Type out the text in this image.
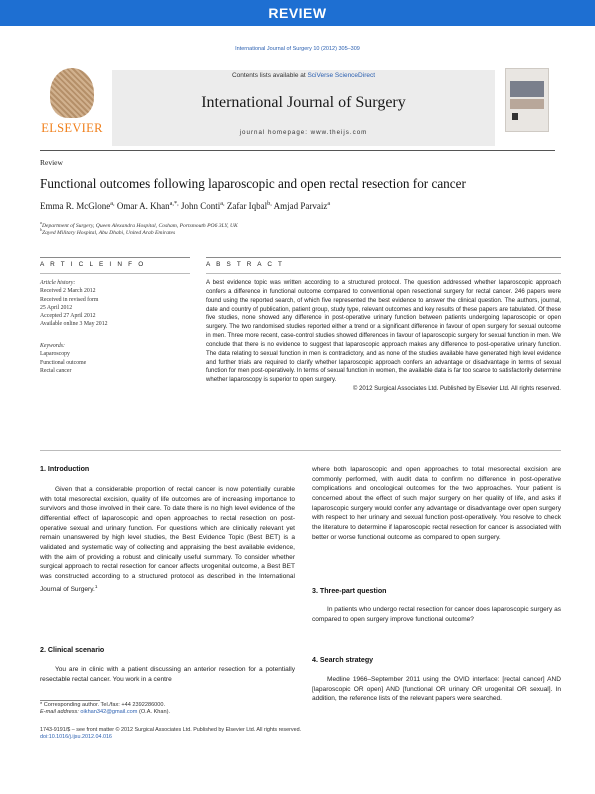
REVIEW
International Journal of Surgery 10 (2012) 305–309
ELSEVIER
Contents lists available at SciVerse ScienceDirect
International Journal of Surgery
journal homepage: www.theijs.com
Review
Functional outcomes following laparoscopic and open rectal resection for cancer
Emma R. McGlone$^{a,}$ Omar A. Khan$^{a,*,}$ John Conti$^{a,}$ Zafar Iqbal$^{b,}$ Amjad Parvaiz$^a$
$^a$Department of Surgery, Queen Alexandra Hospital, Cosham, Portsmouth PO6 3LY, UK
$^b$Zayed Military Hospital, Abu Dhabi, United Arab Emirates
A R T I C L E I N F O	A B S T R A C T
Article history:
Received 2 March 2012
Received in revised form
25 April 2012
Accepted 27 April 2012
Available online 3 May 2012
Keywords:
Laparoscopy
Functional outcome
Rectal cancer
A best evidence topic was written according to a structured protocol. The question addressed whether laparoscopic approach confers a difference in functional outcome compared to conventional open resectional surgery for rectal cancer. 246 papers were found using the reported search, of which five represented the best evidence to answer the clinical question. The authors, journal, date and country of publication, patient group, study type, relevant outcomes and key results of these papers are tabulated. Of these five studies, none showed any difference in post-operative urinary function between patients undergoing laparoscopic or open surgery. The two randomised studies reported either a trend or a significant difference in favour of open surgery for sexual outcome in men. Three more recent, case-control studies showed differences in favour of laparoscopic surgery for sexual function in men. We conclude that there is no evidence to suggest that laparoscopic approach makes any difference to post-operative urinary function. The data relating to sexual function in men is contradictory, and as none of the studies available have generated high level evidence and further trials are required to clarify whether laparoscopic approach confers an advantage or disadvantage in terms of sexual function for men post-operatively. In terms of sexual function in women, the available data is far too scarce to satisfactorily determine whether laparoscopy is superior to open surgery.
© 2012 Surgical Associates Ltd. Published by Elsevier Ltd. All rights reserved.
1. Introduction
Given that a considerable proportion of rectal cancer is now potentially curable with total mesorectal excision, quality of life outcomes are of increasing importance to survivors and those involved in their care. To date there is no high level evidence of the differential effect of laparoscopic and open approaches to rectal resection on post-operative sexual and urinary function. For questions which are clinically relevant yet remain unanswered by high level studies, the Best Evidence Topic (Best BET) is a validated and systematic way of collecting and appraising the best available evidence, with the aim of providing a robust and clinically useful summary. To consider whether surgical approach to rectal resection for cancer affects urogenital outcome, a Best BET was constructed according to a structured protocol as described in the International Journal of Surgery.$^1$
2. Clinical scenario
You are in clinic with a patient discussing an anterior resection for a potentially resectable rectal cancer. You work in a centre
* Corresponding author. Tel./fax: +44 2392286000.
E-mail address: oikhan342@gmail.com (O.A. Khan).
where both laparoscopic and open approaches to total mesorectal excision are commonly performed, with audit data to confirm no difference in post-operative complications and oncological outcomes for the two approaches. Your patient is concerned about the effect of such major surgery on her quality of life, and asks if laparoscopic surgery would confer any advantage or disadvantage over open surgery with respect to her urinary and sexual function post-operatively. You resolve to check the literature to determine if laparoscopic rectal resection for cancer is associated with better or worse functional outcome as compared to open surgery.
3. Three-part question
In patients who undergo rectal resection for cancer does laparoscopic surgery as compared to open surgery improve functional outcome?
4. Search strategy
Medline 1966–September 2011 using the OVID interface: [rectal cancer] AND [laparoscopic OR open] AND [functional OR urinary OR urogenital OR sexual]. In addition, the reference lists of the relevant papers were searched.
1743-9191/$ – see front matter © 2012 Surgical Associates Ltd. Published by Elsevier Ltd. All rights reserved.
doi:10.1016/j.ijsu.2012.04.016
